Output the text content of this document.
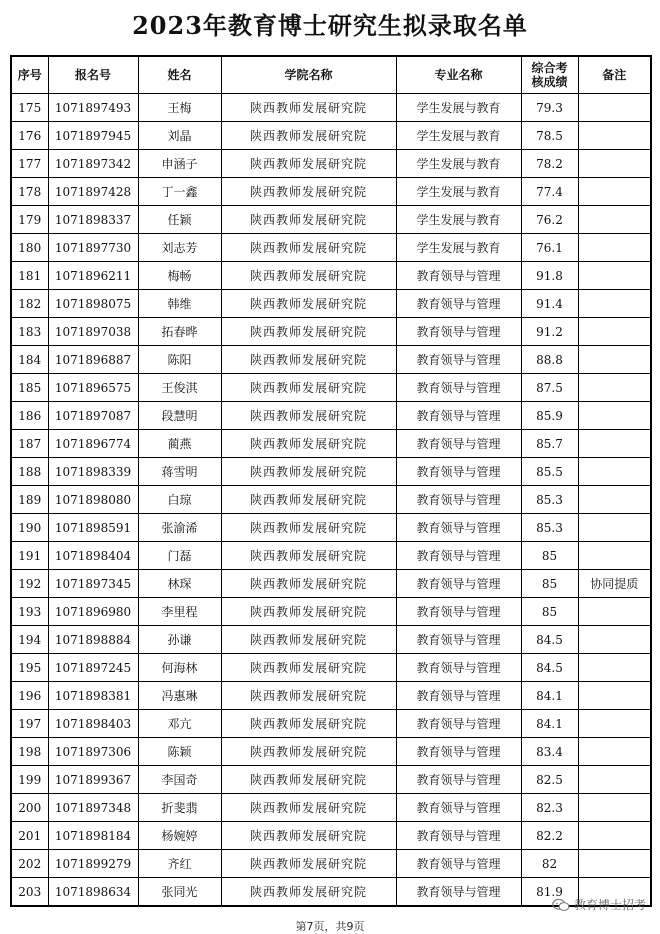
2023年教育博士研究生拟录取名单
序号	报名号	姓名	学院名称	专业名称	综合考
核成绩	备注
175	1071897493	王梅	陕西教师发展研究院	学生发展与教育	79.3	
176	1071897945	刘晶	陕西教师发展研究院	学生发展与教育	78.5	
177	1071897342	申涵子	陕西教师发展研究院	学生发展与教育	78.2	
178	1071897428	丁一鑫	陕西教师发展研究院	学生发展与教育	77.4	
179	1071898337	任颖	陕西教师发展研究院	学生发展与教育	76.2	
180	1071897730	刘志芳	陕西教师发展研究院	学生发展与教育	76.1	
181	1071896211	梅畅	陕西教师发展研究院	教育领导与管理	91.8	
182	1071898075	韩维	陕西教师发展研究院	教育领导与管理	91.4	
183	1071897038	拓春晔	陕西教师发展研究院	教育领导与管理	91.2	
184	1071896887	陈阳	陕西教师发展研究院	教育领导与管理	88.8	
185	1071896575	王俊淇	陕西教师发展研究院	教育领导与管理	87.5	
186	1071897087	段慧明	陕西教师发展研究院	教育领导与管理	85.9	
187	1071896774	蔺燕	陕西教师发展研究院	教育领导与管理	85.7	
188	1071898339	蒋雪明	陕西教师发展研究院	教育领导与管理	85.5	
189	1071898080	白琼	陕西教师发展研究院	教育领导与管理	85.3	
190	1071898591	张渝浠	陕西教师发展研究院	教育领导与管理	85.3	
191	1071898404	门磊	陕西教师发展研究院	教育领导与管理	85	
192	1071897345	林琛	陕西教师发展研究院	教育领导与管理	85	协同提质
193	1071896980	李里程	陕西教师发展研究院	教育领导与管理	85	
194	1071898884	孙谦	陕西教师发展研究院	教育领导与管理	84.5	
195	1071897245	何海林	陕西教师发展研究院	教育领导与管理	84.5	
196	1071898381	冯惠琳	陕西教师发展研究院	教育领导与管理	84.1	
197	1071898403	邓亢	陕西教师发展研究院	教育领导与管理	84.1	
198	1071897306	陈颖	陕西教师发展研究院	教育领导与管理	83.4	
199	1071899367	李国奇	陕西教师发展研究院	教育领导与管理	82.5	
200	1071897348	折斐翡	陕西教师发展研究院	教育领导与管理	82.3	
201	1071898184	杨婉婷	陕西教师发展研究院	教育领导与管理	82.2	
202	1071899279	齐红	陕西教师发展研究院	教育领导与管理	82	
203	1071898634	张同光	陕西教师发展研究院	教育领导与管理	81.9	
教育博士招考
第7页，共9页
